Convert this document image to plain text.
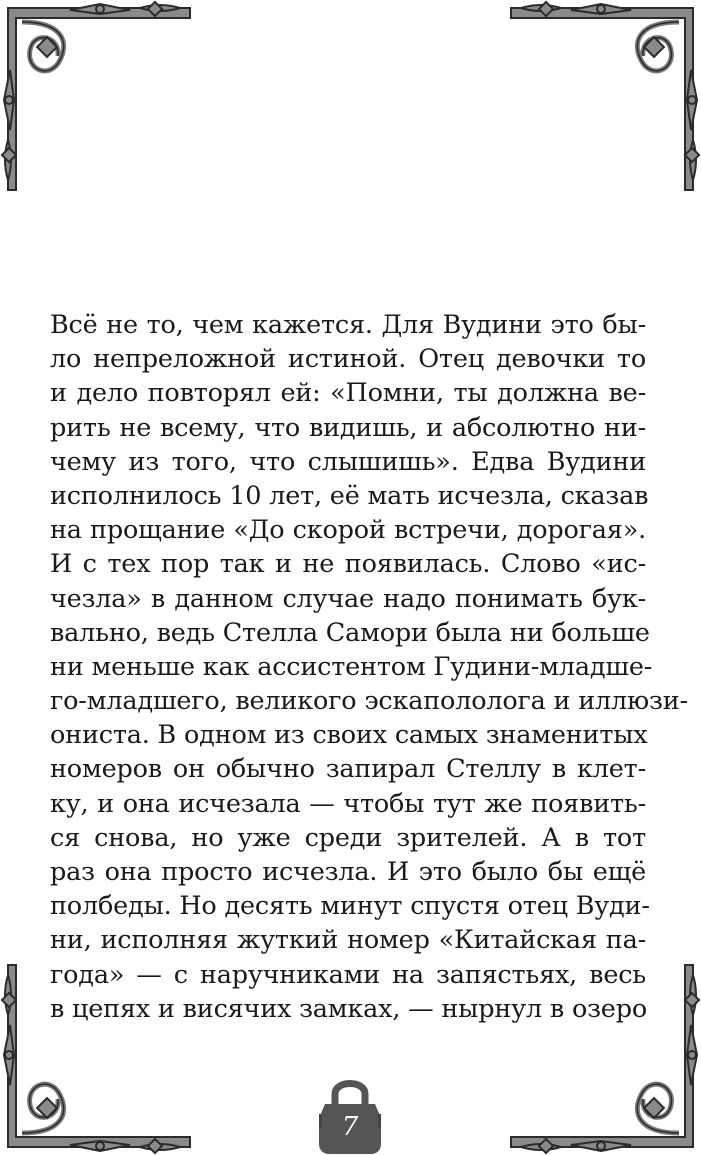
Всё не то, чем кажется. Для Вудини это бы-
ло непреложной истиной. Отец девочки то
и дело повторял ей: «Помни, ты должна ве-
рить не всему, что видишь, и абсолютно ни-
чему из того, что слышишь». Едва Вудини
исполнилось 10 лет, её мать исчезла, сказав
на прощание «До скорой встречи, дорогая».
И с тех пор так и не появилась. Слово «ис-
чезла» в данном случае надо понимать бук-
вально, ведь Стелла Самори была ни больше
ни меньше как ассистентом Гудини-младше-
го-младшего, великого эскапололога и иллюзи-
ониста. В одном из своих самых знаменитых
номеров он обычно запирал Стеллу в клет-
ку, и она исчезала — чтобы тут же появить-
ся снова, но уже среди зрителей. А в тот
раз она просто исчезла. И это было бы ещё
полбеды. Но десять минут спустя отец Вуди-
ни, исполняя жуткий номер «Китайская па-
года» — с наручниками на запястьях, весь
в цепях и висячих замках, — нырнул в озеро
7
